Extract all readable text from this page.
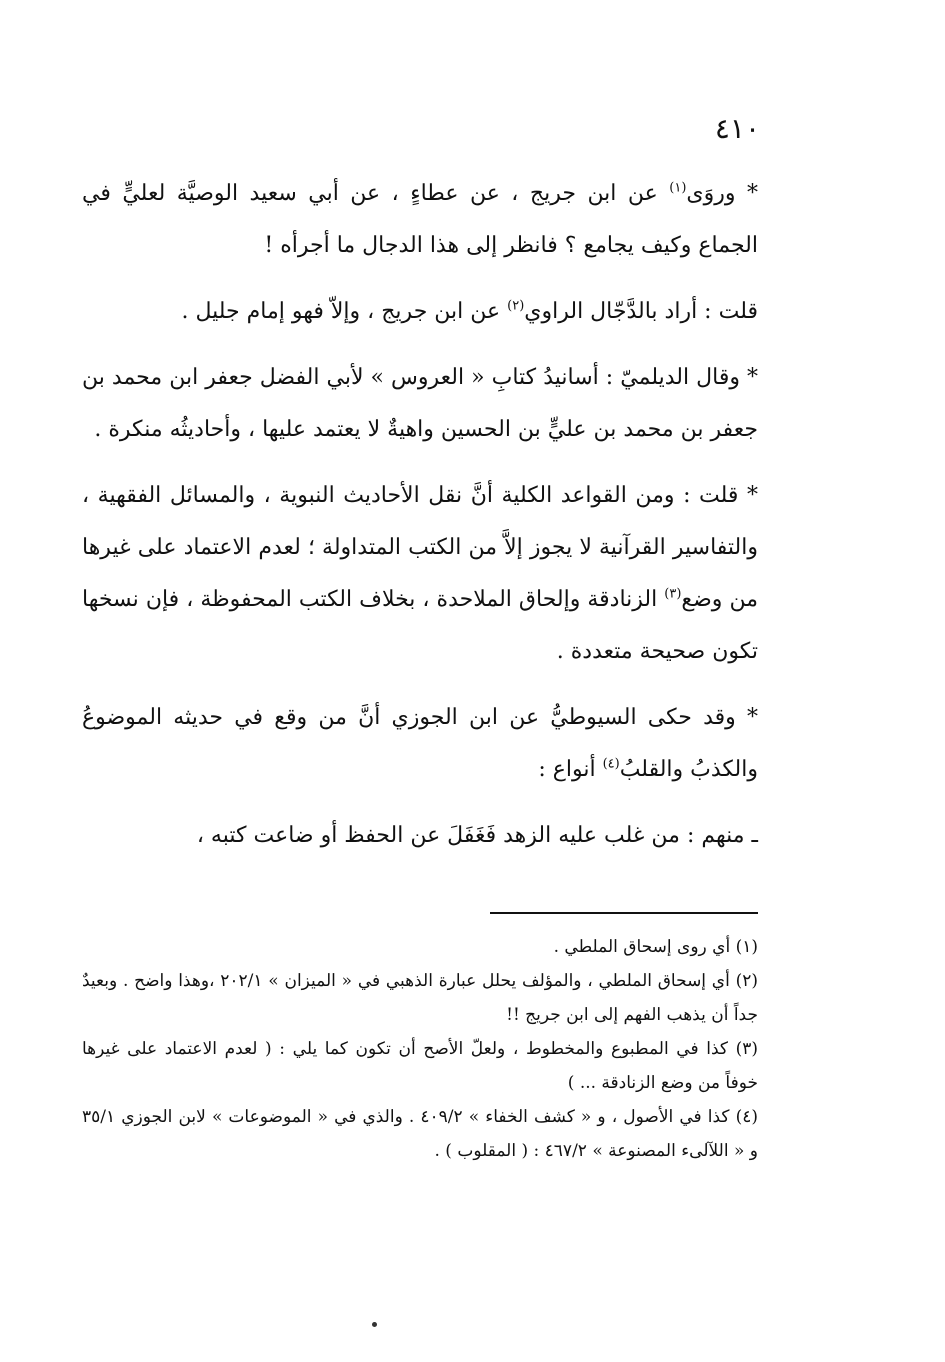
٤١٠

* وروَى$^{(١)}$ عن ابن جريج ، عن عطاءٍ ، عن أبي سعيد الوصيَّة لعليٍّ في الجماع وكيف يجامع ؟ فانظر إلى هذا الدجال ما أجرأه !

قلت : أراد بالدَّجّال الراوي$^{(٢)}$ عن ابن جريج ، وإلاّ فهو إمام جليل .

* وقال الديلميّ : أسانيدُ كتابِ « العروس » لأبي الفضل جعفر ابن محمد بن جعفر بن محمد بن عليٍّ بن الحسين واهيةٌ لا يعتمد عليها ، وأحاديثُه منكرة .

* قلت : ومن القواعد الكلية أنَّ نقل الأحاديث النبوية ، والمسائل الفقهية ، والتفاسير القرآنية لا يجوز إلاَّ من الكتب المتداولة ؛ لعدم الاعتماد على غيرها من وضع$^{(٣)}$ الزنادقة وإلحاق الملاحدة ، بخلاف الكتب المحفوظة ، فإن نسخها تكون صحيحة متعددة .

* وقد حكى السيوطيُّ عن ابن الجوزي أنَّ من وقع في حديثه الموضوعُ والكذبُ والقلبُ$^{(٤)}$ أنواع :

ـ منهم : من غلب عليه الزهد فَغَفَلَ عن الحفظ أو ضاعت كتبه ،

(١) أي روى إسحاق الملطي .

(٢) أي إسحاق الملطي ، والمؤلف يحلل عبارة الذهبي في « الميزان » ٢٠٢/١ ،وهذا واضح . وبعيدٌ جداً أن يذهب الفهم إلى ابن جريج !!

(٣) كذا في المطبوع والمخطوط ، ولعلّ الأصح أن تكون كما يلي : ( لعدم الاعتماد على غيرها خوفاً من وضع الزنادقة ... )

(٤) كذا في الأصول ، و « كشف الخفاء » ٤٠٩/٢ . والذي في « الموضوعات » لابن الجوزي ٣٥/١ و « اللآلىء المصنوعة » ٤٦٧/٢ : ( المقلوب ) .
